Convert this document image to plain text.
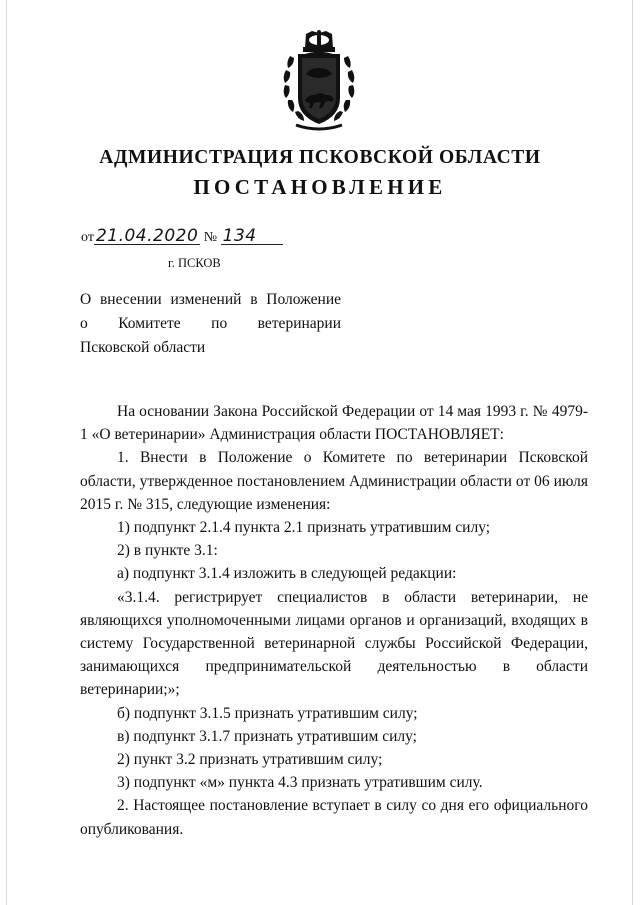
АДМИНИСТРАЦИЯ ПСКОВСКОЙ ОБЛАСТИ
ПОСТАНОВЛЕНИЕ
от 21.04.2020 № 134
г. ПСКОВ
О внесении изменений в Положение
о Комитете по ветеринарии
Псковской области

На основании Закона Российской Федерации от 14 мая 1993 г. № 4979-1 «О ветеринарии» Администрация области ПОСТАНОВЛЯЕТ:

1. Внести в Положение о Комитете по ветеринарии Псковской области, утвержденное постановлением Администрации области от 06 июля 2015 г. № 315, следующие изменения:

1) подпункт 2.1.4 пункта 2.1 признать утратившим силу;

2) в пункте 3.1:

а) подпункт 3.1.4 изложить в следующей редакции:

«3.1.4. регистрирует специалистов в области ветеринарии, не являющихся уполномоченными лицами органов и организаций, входящих в систему Государственной ветеринарной службы Российской Федерации, занимающихся предпринимательской деятельностью в области ветеринарии;»;

б) подпункт 3.1.5 признать утратившим силу;

в) подпункт 3.1.7 признать утратившим силу;

2) пункт 3.2 признать утратившим силу;

3) подпункт «м» пункта 4.3 признать утратившим силу.

2. Настоящее постановление вступает в силу со дня его официального опубликования.
